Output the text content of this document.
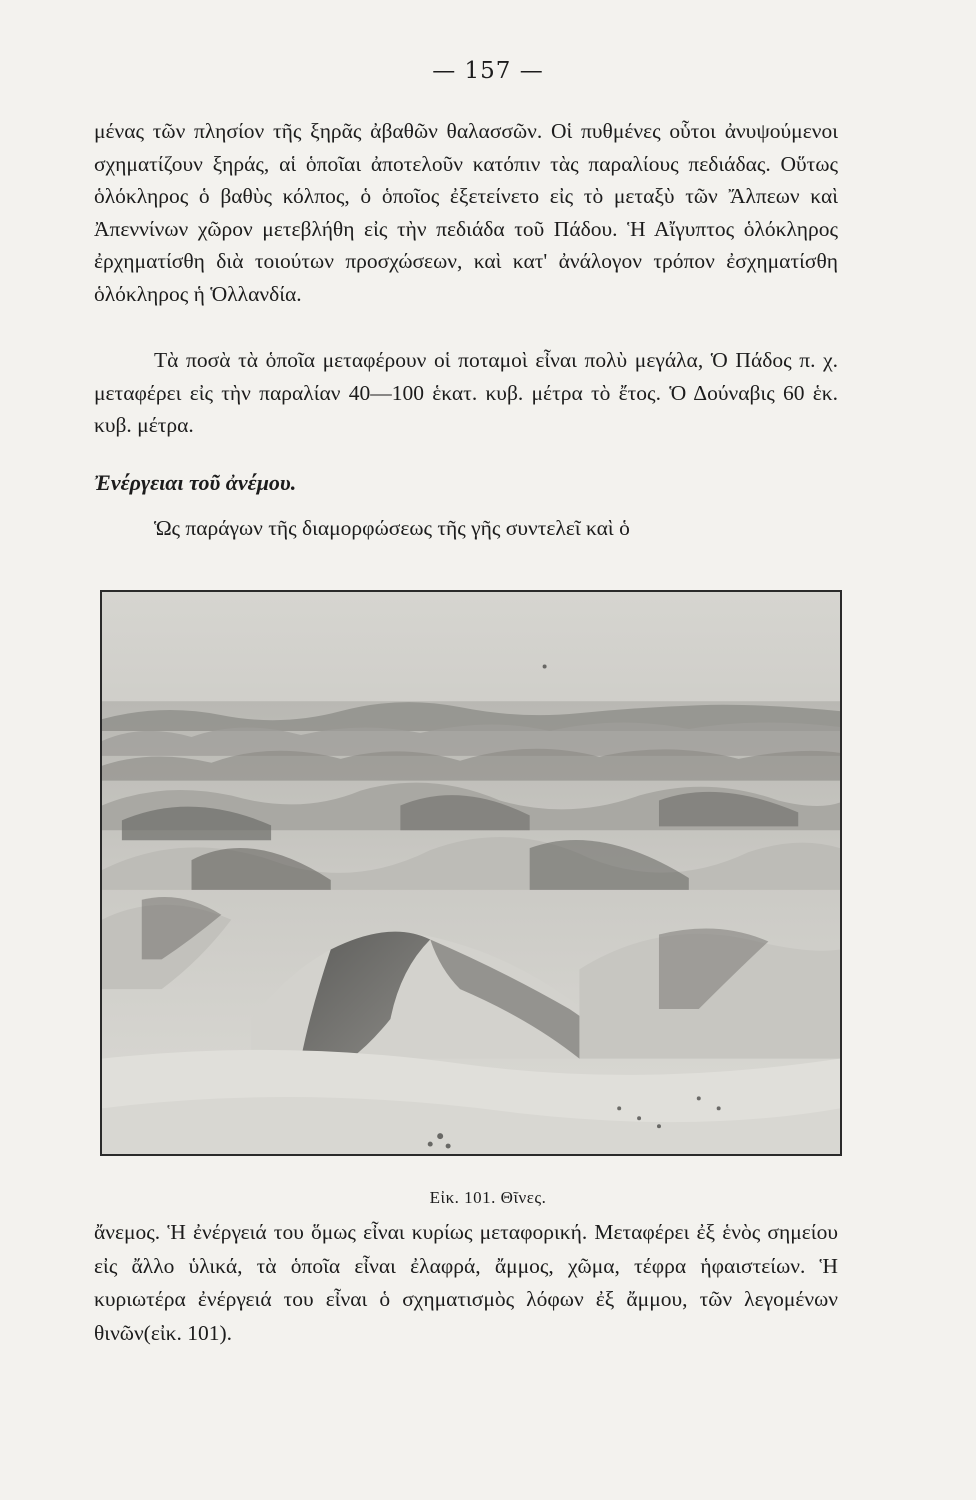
— 157 —

μένας τῶν πλησίον τῆς ξηρᾶς ἀβαθῶν θαλασσῶν. Οἱ πυθμένες οὗτοι ἀνυψούμενοι σχηματίζουν ξηράς, αἱ ὁποῖαι ἀποτελοῦν κατόπιν τὰς παραλίους πεδιάδας. Οὕτως ὁλόκληρος ὁ βαθὺς κόλπος, ὁ ὁποῖος ἐξετείνετο εἰς τὸ μεταξὺ τῶν Ἄλπεων καὶ Ἀπεννίνων χῶρον μετεβλήθη εἰς τὴν πεδιάδα τοῦ Πάδου. Ἡ Αἴγυπτος ὁλόκληρος ἐρχηματίσθη διὰ τοιούτων προσχώσεων, καὶ κατ' ἀνάλογον τρόπον ἐσχηματίσθη ὁλόκληρος ἡ Ὁλλανδία.

Τὰ ποσὰ τὰ ὁποῖα μεταφέρουν οἱ ποταμοὶ εἶναι πολὺ μεγάλα, Ὁ Πάδος π. χ. μεταφέρει εἰς τὴν παραλίαν 40—100 ἑκατ. κυβ. μέτρα τὸ ἔτος. Ὁ Δούναβις 60 ἑκ. κυβ. μέτρα.

Ἐνέργειαι τοῦ ἀνέμου.

Ὡς παράγων τῆς διαμορφώσεως τῆς γῆς συντελεῖ καὶ ὁ

Εἰκ. 101. Θῖνες.

ἄνεμος. Ἡ ἐνέργειά του ὅμως εἶναι κυρίως μεταφορική. Μεταφέρει ἐξ ἑνὸς σημείου εἰς ἄλλο ὑλικά, τὰ ὁποῖα εἶναι ἐλαφρά, ἄμμος, χῶμα, τέφρα ἡφαιστείων. Ἡ κυριωτέρα ἐνέργειά του εἶναι ὁ σχηματισμὸς λόφων ἐξ ἄμμου, τῶν λεγομένων θινῶν(εἰκ. 101).
